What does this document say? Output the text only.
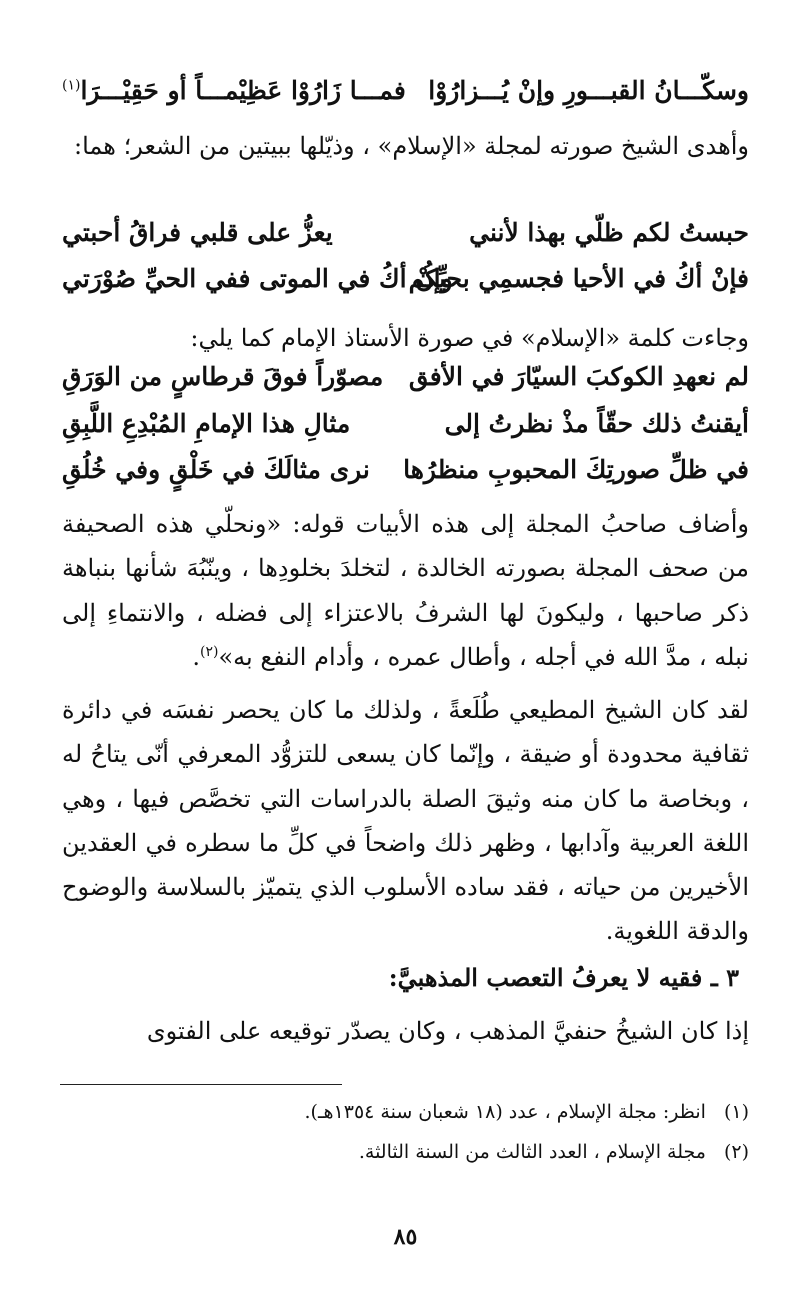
وسكّـــانُ القبـــورِ وإنْ يُـــزارُوْا
فمـــا زَارُوْا عَظِيْمـــاً أو حَقِيْـــرَا$^{(١)}$
وأهدى الشيخ صورته لمجلة «الإسلام» ، وذيّلها ببيتين من الشعر؛ هما:
حبستُ لكم ظلّي بهذا لأنني
يعزُّ على قلبي فراقُ أحبتي
فإنْ أكُ في الأحيا فجسمِي بحيِّكُم
وإنْ أكُ في الموتى ففي الحيِّ صُوْرَتي
وجاءت كلمة «الإسلام» في صورة الأستاذ الإمام كما يلي:
لم نعهدِ الكوكبَ السيّارَ في الأفق
مصوّراً فوقَ قرطاسٍ من الوَرَقِ
أيقنتُ ذلك حقّاً مذْ نظرتُ إلى
مثالِ هذا الإمامِ المُبْدِعِ اللَّبِقِ
في ظلِّ صورتِكَ المحبوبِ منظرُها
نرى مثالَكَ في خَلْقٍ وفي خُلُقِ
وأضاف صاحبُ المجلة إلى هذه الأبيات قوله: «ونحلّي هذه الصحيفة من صحف المجلة بصورته الخالدة ، لتخلدَ بخلودِها ، وينّبُهَ شأنها بنباهة ذكر صاحبها ، وليكونَ لها الشرفُ بالاعتزاء إلى فضله ، والانتماءِ إلى نبله ، مدَّ الله في أجله ، وأطال عمره ، وأدام النفع به»$^{(٢)}$.
لقد كان الشيخ المطيعي طُلَعةً ، ولذلك ما كان يحصر نفسَه في دائرة ثقافية محدودة أو ضيقة ، وإنّما كان يسعى للتزوُّد المعرفي أنّى يتاحُ له ، وبخاصة ما كان منه وثيقَ الصلة بالدراسات التي تخصَّص فيها ، وهي اللغة العربية وآدابها ، وظهر ذلك واضحاً في كلِّ ما سطره في العقدين الأخيرين من حياته ، فقد ساده الأسلوب الذي يتميّز بالسلاسة والوضوح والدقة اللغوية.
٣ ـ فقيه لا يعرفُ التعصب المذهبيَّ:
إذا كان الشيخُ حنفيَّ المذهب ، وكان يصدّر توقيعه على الفتوى
(١)انظر: مجلة الإسلام ، عدد (١٨ شعبان سنة ١٣٥٤هـ).
(٢)مجلة الإسلام ، العدد الثالث من السنة الثالثة.
٨٥
